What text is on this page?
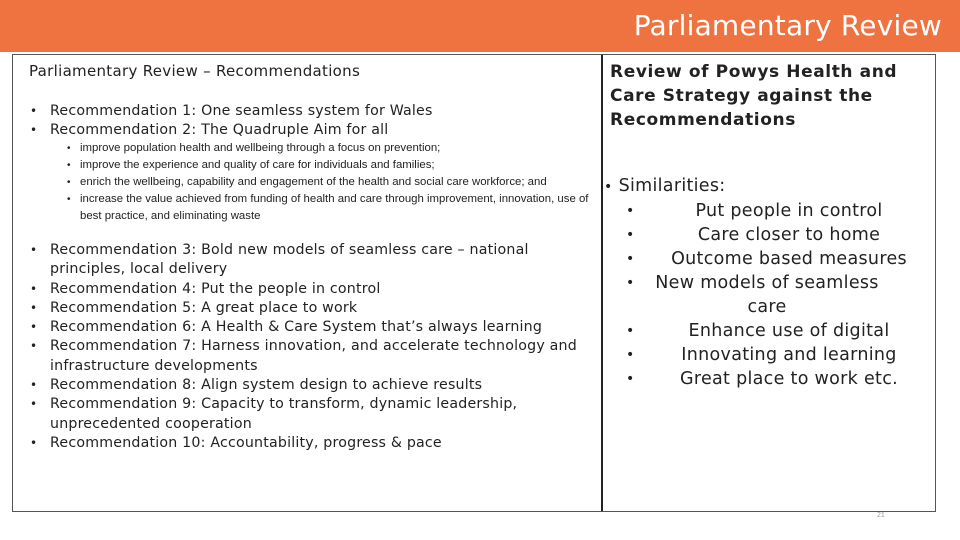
Parliamentary Review
Parliamentary Review – Recommendations
• Recommendation 1: One seamless system for Wales
• Recommendation 2: The Quadruple Aim for all
• improve population health and wellbeing through a focus on prevention;
• improve the experience and quality of care for individuals and families;
• enrich the wellbeing, capability and engagement of the health and social care workforce; and
• increase the value achieved from funding of health and care through improvement, innovation, use of best practice, and eliminating waste
• Recommendation 3: Bold new models of seamless care – national principles, local delivery
• Recommendation 4: Put the people in control
• Recommendation 5: A great place to work
• Recommendation 6: A Health & Care System that’s always learning
• Recommendation 7: Harness innovation, and accelerate technology and infrastructure developments
• Recommendation 8: Align system design to achieve results
• Recommendation 9: Capacity to transform, dynamic leadership, unprecedented cooperation
• Recommendation 10: Accountability, progress & pace
Review of Powys Health and Care Strategy against the Recommendations
• Similarities:
•	Put people in control
•	Care closer to home
• Outcome based measures
• New models of seamless care
•	Enhance use of digital
•	Innovating and learning
•	Great place to work etc.
21
